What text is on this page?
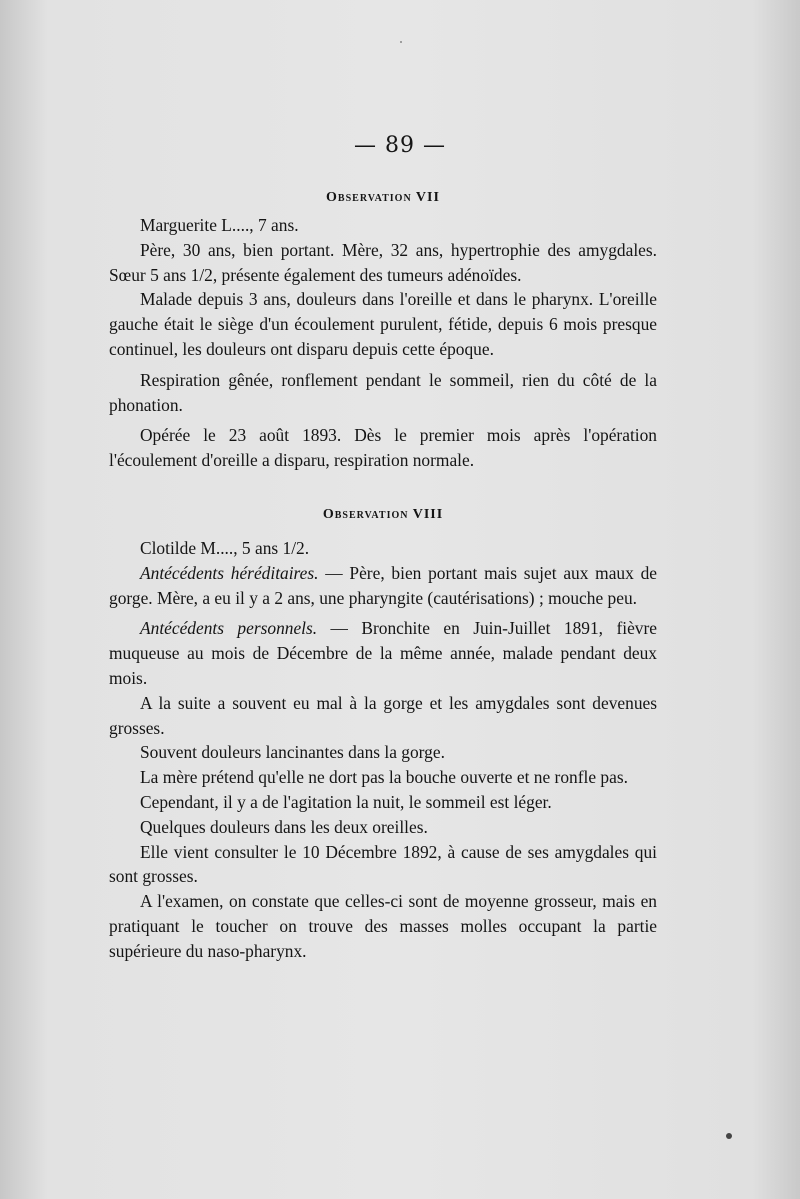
— 89 —
Observation VII

Marguerite L...., 7 ans.

Père, 30 ans, bien portant. Mère, 32 ans, hypertrophie des amygdales. Sœur 5 ans 1/2, présente également des tumeurs adénoïdes.

Malade depuis 3 ans, douleurs dans l'oreille et dans le pharynx. L'oreille gauche était le siège d'un écoulement purulent, fétide, depuis 6 mois presque continuel, les douleurs ont disparu depuis cette époque.

Respiration gênée, ronflement pendant le sommeil, rien du côté de la phonation.

Opérée le 23 août 1893. Dès le premier mois après l'opération l'écoulement d'oreille a disparu, respiration normale.

Observation VIII

Clotilde M...., 5 ans 1/2.

Antécédents héréditaires. — Père, bien portant mais sujet aux maux de gorge. Mère, a eu il y a 2 ans, une pharyngite (cautérisations) ; mouche peu.

Antécédents personnels. — Bronchite en Juin-Juillet 1891, fièvre muqueuse au mois de Décembre de la même année, malade pendant deux mois.

A la suite a souvent eu mal à la gorge et les amygdales sont devenues grosses.

Souvent douleurs lancinantes dans la gorge.

La mère prétend qu'elle ne dort pas la bouche ouverte et ne ronfle pas.

Cependant, il y a de l'agitation la nuit, le sommeil est léger.

Quelques douleurs dans les deux oreilles.

Elle vient consulter le 10 Décembre 1892, à cause de ses amygdales qui sont grosses.

A l'examen, on constate que celles-ci sont de moyenne grosseur, mais en pratiquant le toucher on trouve des masses molles occupant la partie supérieure du naso-pharynx.
